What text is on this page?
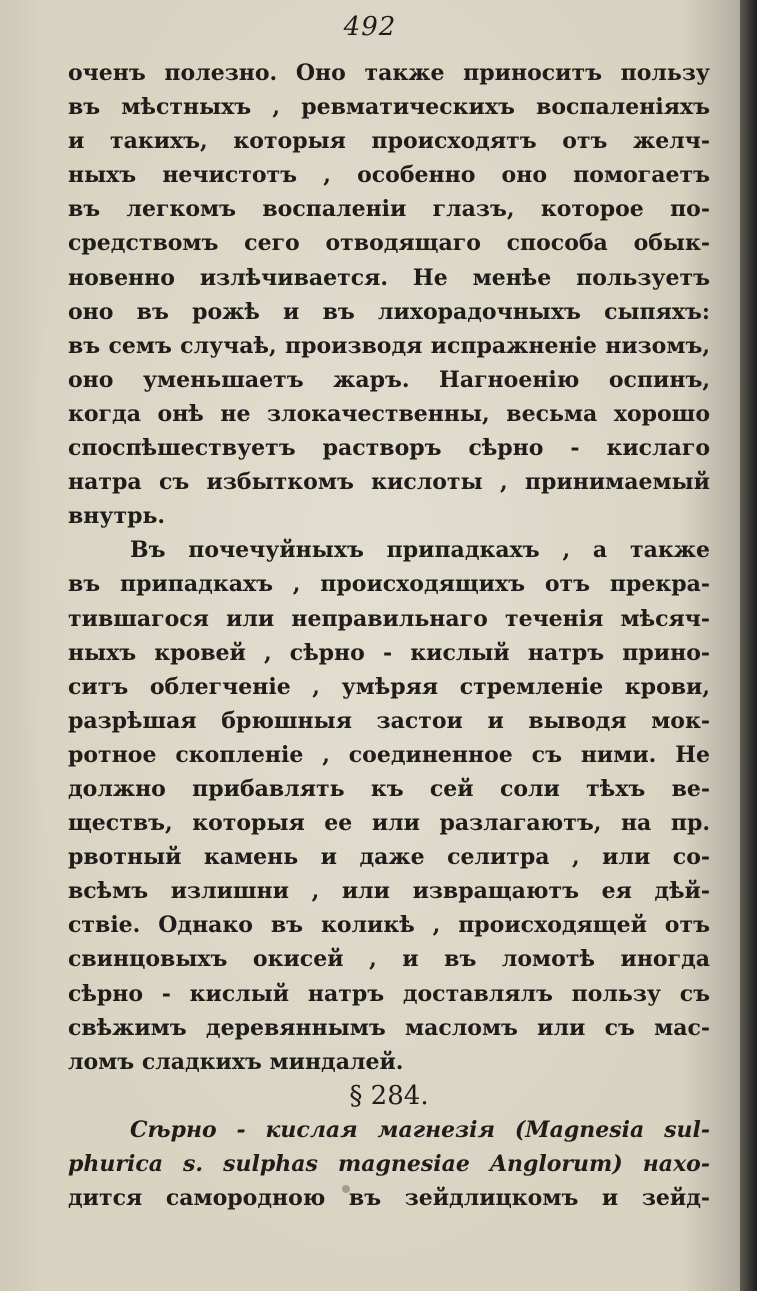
492
оченъ полезно. Оно также приноситъ пользу
въ мѣстныхъ , ревматическихъ воспаленіяхъ
и такихъ, которыя происходятъ отъ желч-
ныхъ нечистотъ , особенно оно помогаетъ
въ легкомъ воспаленіи глазъ, которое по-
средствомъ сего отводящаго способа обык-
новенно излѣчивается. Не менѣе пользуетъ
оно въ рожѣ и въ лихорадочныхъ сыпяхъ:
въ семъ случаѣ, производя испражненіе низомъ,
оно уменьшаетъ жаръ. Нагноенію оспинъ,
когда онѣ не злокачественны, весьма хорошо
споспѣшествуетъ растворъ сѣрно - кислаго
натра съ избыткомъ кислоты , принимаемый
внутрь.
Въ почечуйныхъ припадкахъ , а также
въ припадкахъ , происходящихъ отъ прекра-
тившагося или неправильнаго теченія мѣсяч-
ныхъ кровей , сѣрно - кислый натръ прино-
ситъ облегченіе , умѣряя стремленіе крови,
разрѣшая брюшныя застои и выводя мок-
ротное скопленіе , соединенное съ ними. Не
должно прибавлять къ сей соли тѣхъ ве-
ществъ, которыя ее или разлагаютъ, на пр.
рвотный камень и даже селитра , или со-
всѣмъ излишни , или извращаютъ ея дѣй-
ствіе. Однако въ коликѣ , происходящей отъ
свинцовыхъ окисей , и въ ломотѣ иногда
сѣрно - кислый натръ доставлялъ пользу съ
свѣжимъ деревяннымъ масломъ или съ мас-
ломъ сладкихъ миндалей.
§ 284.
Сѣрно - кислая магнезія (Magnesia sul-
phurica s. sulphas magnesiae Anglorum) нахо-
дится самородною въ зейдлицкомъ и зейд-
